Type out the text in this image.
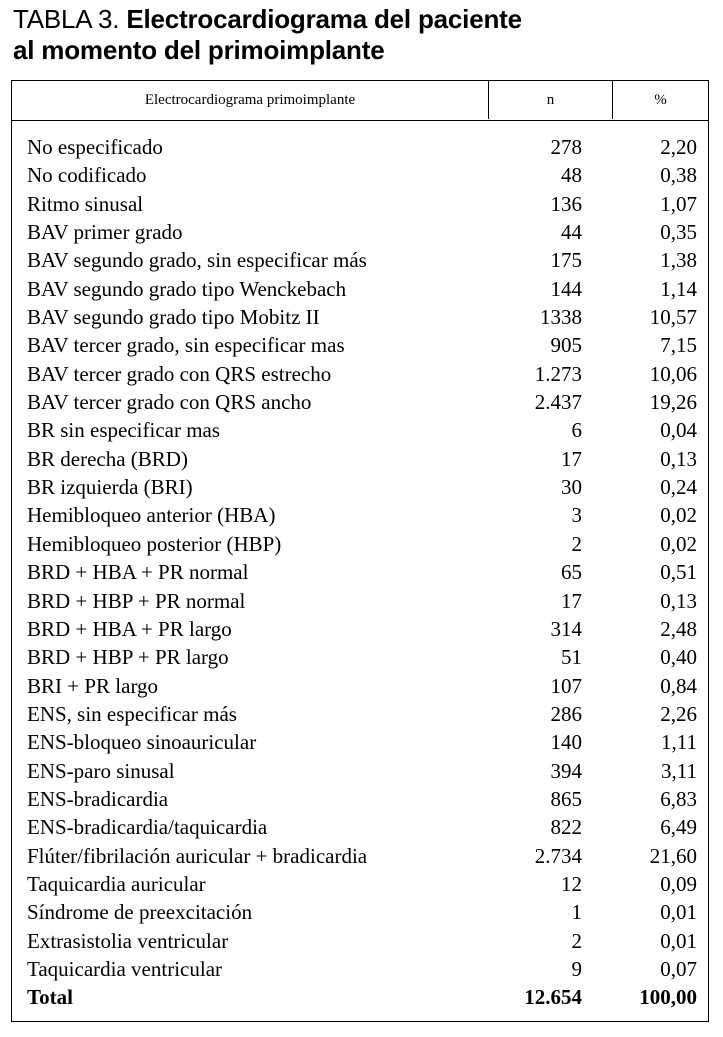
TABLA 3. Electrocardiograma del paciente
al momento del primoimplante
Electrocardiograma primoimplante	n	%
No especificado	278	2,20
No codificado	48	0,38
Ritmo sinusal	136	1,07
BAV primer grado	44	0,35
BAV segundo grado, sin especificar más	175	1,38
BAV segundo grado tipo Wenckebach	144	1,14
BAV segundo grado tipo Mobitz II	1338	10,57
BAV tercer grado, sin especificar mas	905	7,15
BAV tercer grado con QRS estrecho	1.273	10,06
BAV tercer grado con QRS ancho	2.437	19,26
BR sin especificar mas	6	0,04
BR derecha (BRD)	17	0,13
BR izquierda (BRI)	30	0,24
Hemibloqueo anterior (HBA)	3	0,02
Hemibloqueo posterior (HBP)	2	0,02
BRD + HBA + PR normal	65	0,51
BRD + HBP + PR normal	17	0,13
BRD + HBA + PR largo	314	2,48
BRD + HBP + PR largo	51	0,40
BRI + PR largo	107	0,84
ENS, sin especificar más	286	2,26
ENS-bloqueo sinoauricular	140	1,11
ENS-paro sinusal	394	3,11
ENS-bradicardia	865	6,83
ENS-bradicardia/taquicardia	822	6,49
Flúter/fibrilación auricular + bradicardia	2.734	21,60
Taquicardia auricular	12	0,09
Síndrome de preexcitación	1	0,01
Extrasistolia ventricular	2	0,01
Taquicardia ventricular	9	0,07
Total	12.654	100,00
